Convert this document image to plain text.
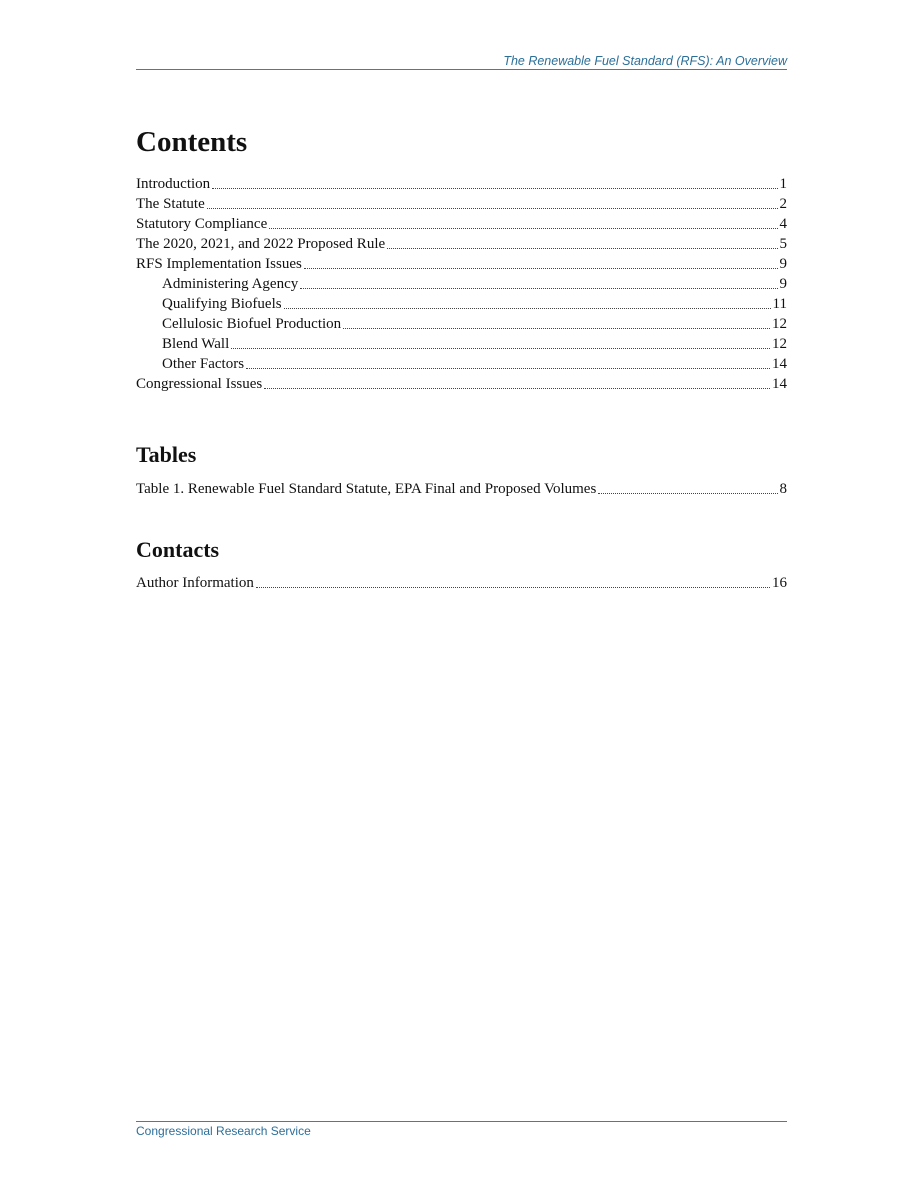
The Renewable Fuel Standard (RFS): An Overview
Contents
Introduction	1
The Statute	2
Statutory Compliance	4
The 2020, 2021, and 2022 Proposed Rule	5
RFS Implementation Issues	9
Administering Agency	9
Qualifying Biofuels	11
Cellulosic Biofuel Production	12
Blend Wall	12
Other Factors	14
Congressional Issues	14
Tables
Table 1. Renewable Fuel Standard Statute, EPA Final and Proposed Volumes	8
Contacts
Author Information	16
Congressional Research Service
